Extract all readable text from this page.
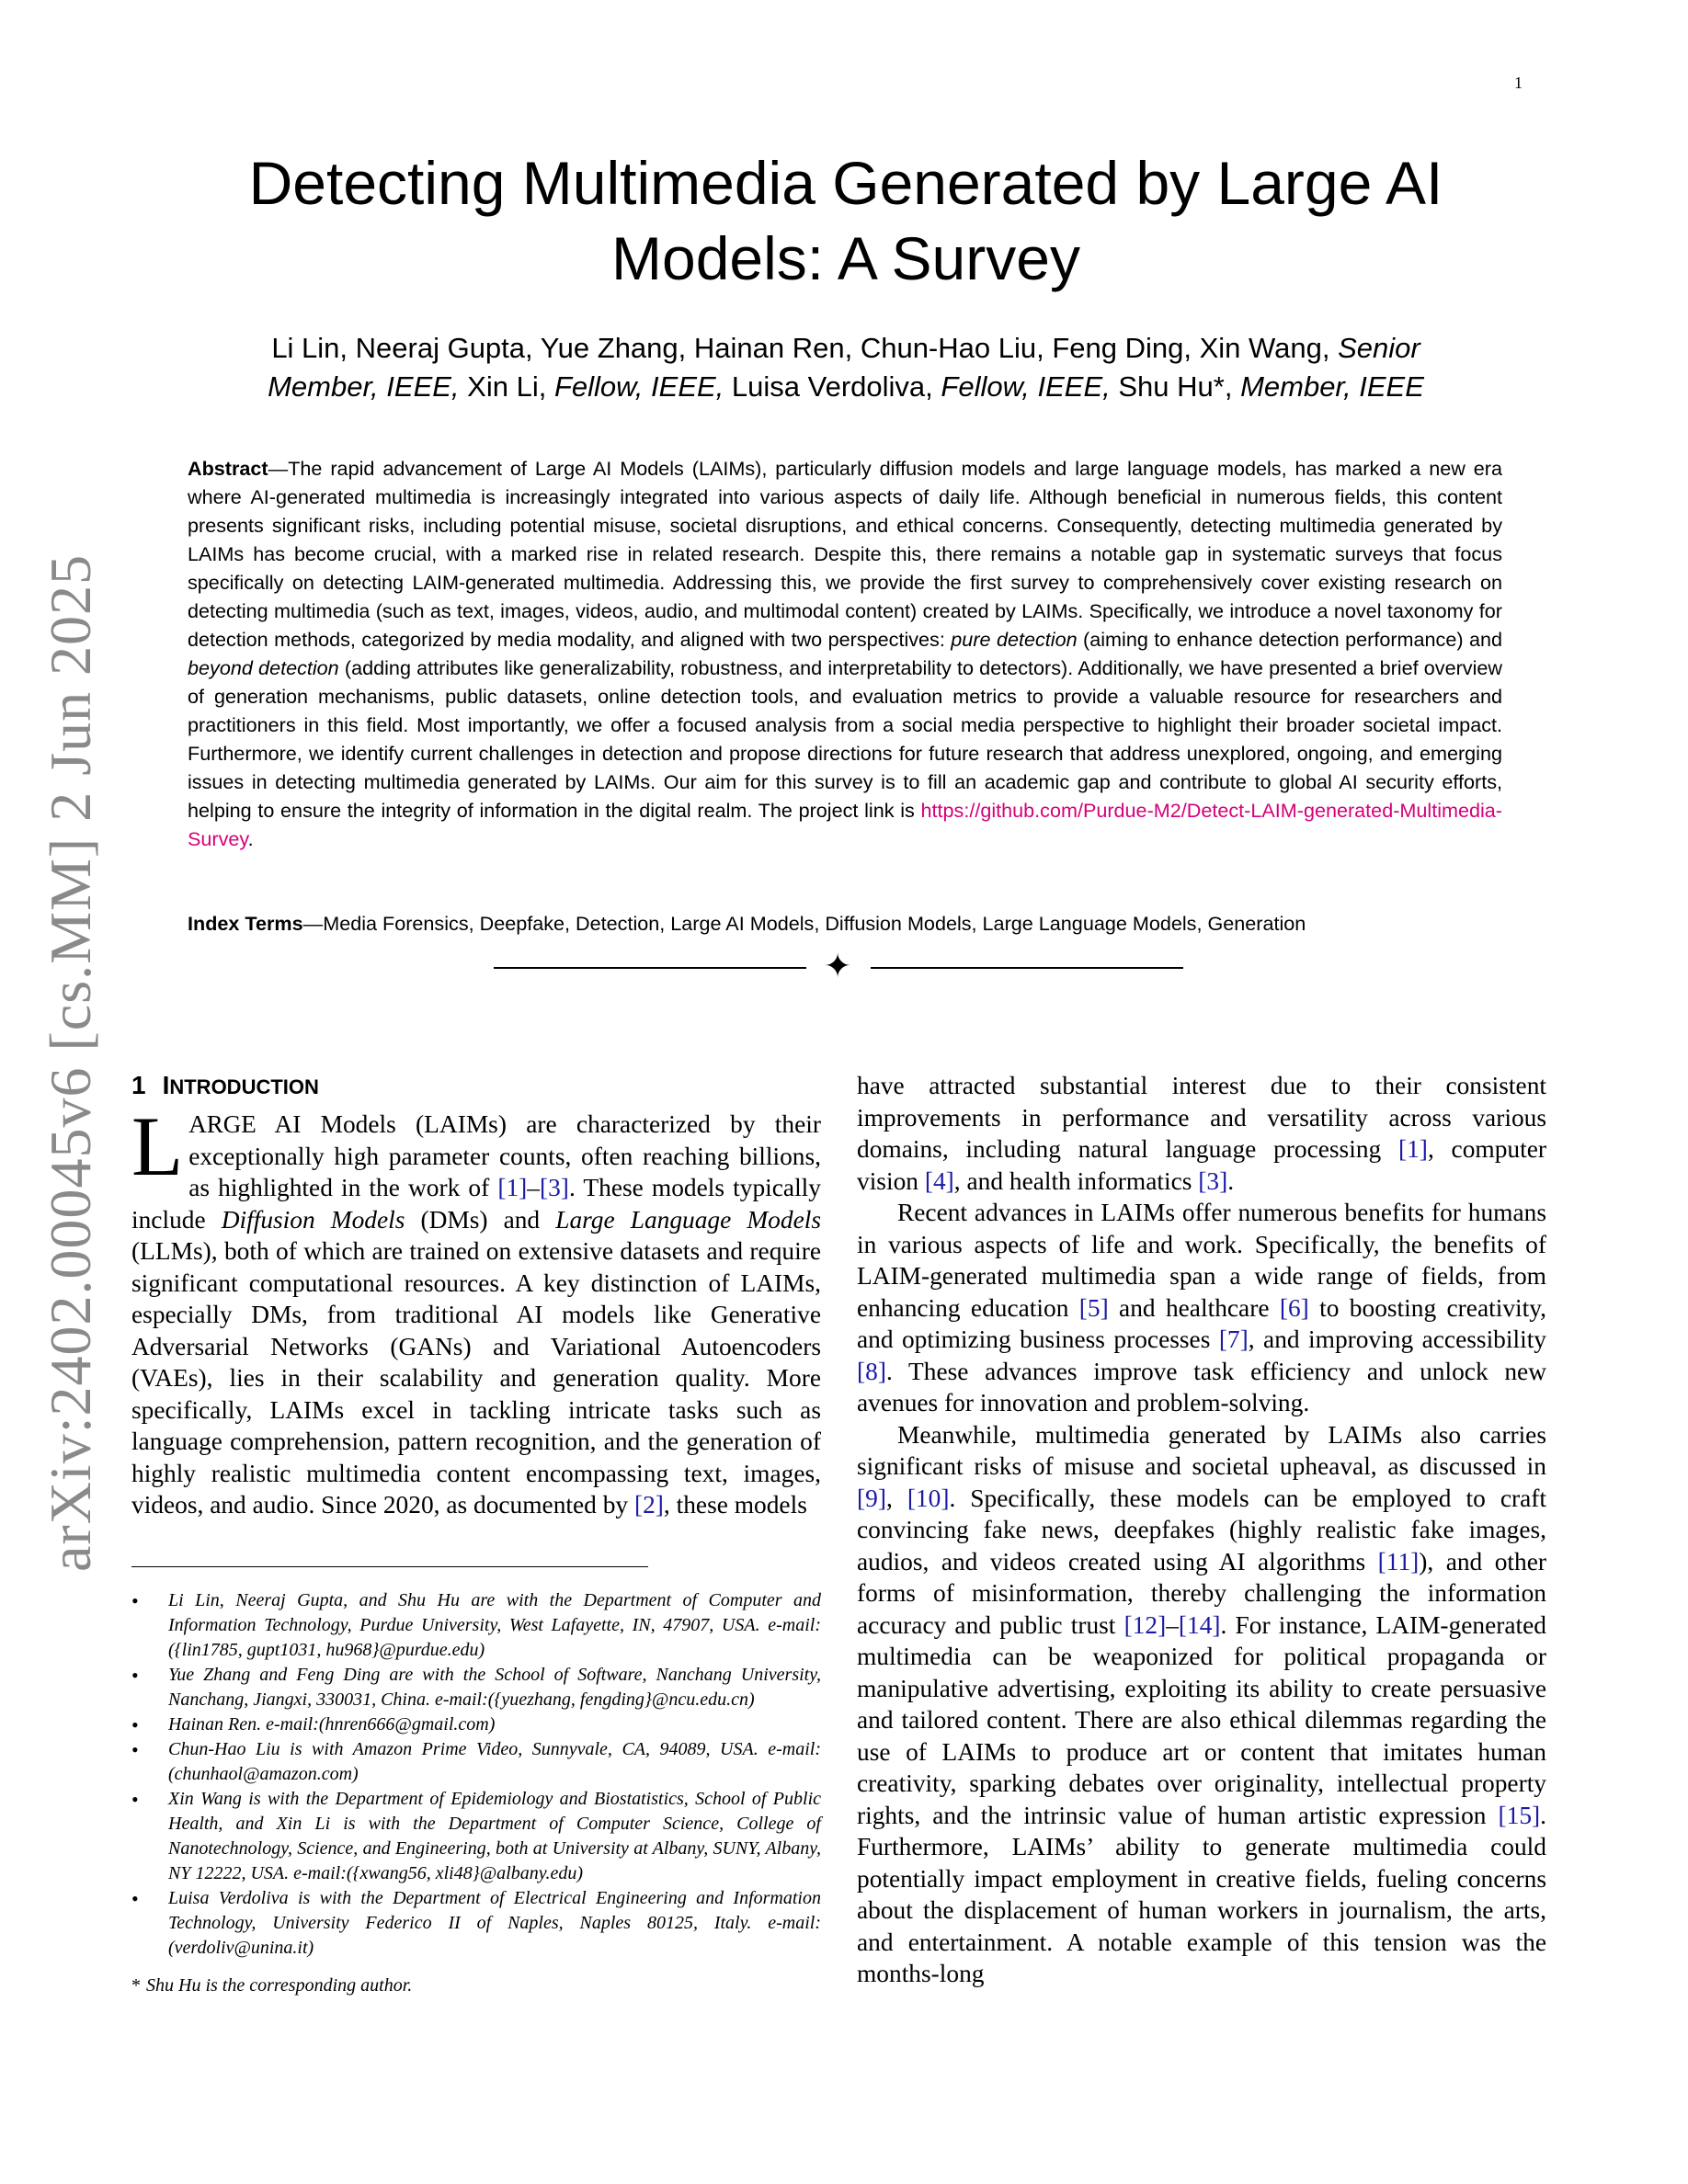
1
arXiv:2402.00045v6 [cs.MM] 2 Jun 2025
Detecting Multimedia Generated by Large AI
Models: A Survey
Li Lin, Neeraj Gupta, Yue Zhang, Hainan Ren, Chun-Hao Liu, Feng Ding, Xin Wang, Senior
Member, IEEE, Xin Li, Fellow, IEEE, Luisa Verdoliva, Fellow, IEEE, Shu Hu*, Member, IEEE
Abstract—The rapid advancement of Large AI Models (LAIMs), particularly diffusion models and large language models, has marked a new era where AI-generated multimedia is increasingly integrated into various aspects of daily life. Although beneficial in numerous fields, this content presents significant risks, including potential misuse, societal disruptions, and ethical concerns. Consequently, detecting multimedia generated by LAIMs has become crucial, with a marked rise in related research. Despite this, there remains a notable gap in systematic surveys that focus specifically on detecting LAIM-generated multimedia. Addressing this, we provide the first survey to comprehensively cover existing research on detecting multimedia (such as text, images, videos, audio, and multimodal content) created by LAIMs. Specifically, we introduce a novel taxonomy for detection methods, categorized by media modality, and aligned with two perspectives: pure detection (aiming to enhance detection performance) and beyond detection (adding attributes like generalizability, robustness, and interpretability to detectors). Additionally, we have presented a brief overview of generation mechanisms, public datasets, online detection tools, and evaluation metrics to provide a valuable resource for researchers and practitioners in this field. Most importantly, we offer a focused analysis from a social media perspective to highlight their broader societal impact. Furthermore, we identify current challenges in detection and propose directions for future research that address unexplored, ongoing, and emerging issues in detecting multimedia generated by LAIMs. Our aim for this survey is to fill an academic gap and contribute to global AI security efforts, helping to ensure the integrity of information in the digital realm. The project link is https://github.com/Purdue-M2/Detect-LAIM-generated-Multimedia-Survey.
Index Terms—Media Forensics, Deepfake, Detection, Large AI Models, Diffusion Models, Large Language Models, Generation
✦
1 INTRODUCTION

LARGE AI Models (LAIMs) are characterized by their exceptionally high parameter counts, often reaching billions, as highlighted in the work of [1]–[3]. These models typically include Diffusion Models (DMs) and Large Language Models (LLMs), both of which are trained on extensive datasets and require significant computational resources. A key distinction of LAIMs, especially DMs, from traditional AI models like Generative Adversarial Networks (GANs) and Variational Autoencoders (VAEs), lies in their scalability and generation quality. More specifically, LAIMs excel in tackling intricate tasks such as language comprehension, pattern recognition, and the generation of highly realistic multimedia content encompassing text, images, videos, and audio. Since 2020, as documented by [2], these models

• Li Lin, Neeraj Gupta, and Shu Hu are with the Department of Computer and Information Technology, Purdue University, West Lafayette, IN, 47907, USA. e-mail:({lin1785, gupt1031, hu968}@purdue.edu)
• Yue Zhang and Feng Ding are with the School of Software, Nanchang University, Nanchang, Jiangxi, 330031, China. e-mail:({yuezhang, fengding}@ncu.edu.cn)
• Hainan Ren. e-mail:(hnren666@gmail.com)
• Chun-Hao Liu is with Amazon Prime Video, Sunnyvale, CA, 94089, USA. e-mail:(chunhaol@amazon.com)
• Xin Wang is with the Department of Epidemiology and Biostatistics, School of Public Health, and Xin Li is with the Department of Computer Science, College of Nanotechnology, Science, and Engineering, both at University at Albany, SUNY, Albany, NY 12222, USA. e-mail:({xwang56, xli48}@albany.edu)
• Luisa Verdoliva is with the Department of Electrical Engineering and Information Technology, University Federico II of Naples, Naples 80125, Italy. e-mail:(verdoliv@unina.it)
* Shu Hu is the corresponding author.

have attracted substantial interest due to their consistent improvements in performance and versatility across various domains, including natural language processing [1], computer vision [4], and health informatics [3].

Recent advances in LAIMs offer numerous benefits for humans in various aspects of life and work. Specifically, the benefits of LAIM-generated multimedia span a wide range of fields, from enhancing education [5] and healthcare [6] to boosting creativity, and optimizing business processes [7], and improving accessibility [8]. These advances improve task efficiency and unlock new avenues for innovation and problem-solving.

Meanwhile, multimedia generated by LAIMs also carries significant risks of misuse and societal upheaval, as discussed in [9], [10]. Specifically, these models can be employed to craft convincing fake news, deepfakes (highly realistic fake images, audios, and videos created using AI algorithms [11]), and other forms of misinformation, thereby challenging the information accuracy and public trust [12]–[14]. For instance, LAIM-generated multimedia can be weaponized for political propaganda or manipulative advertising, exploiting its ability to create persuasive and tailored content. There are also ethical dilemmas regarding the use of LAIMs to produce art or content that imitates human creativity, sparking debates over originality, intellectual property rights, and the intrinsic value of human artistic expression [15]. Furthermore, LAIMs’ ability to generate multimedia could potentially impact employment in creative fields, fueling concerns about the displacement of human workers in journalism, the arts, and entertainment. A notable example of this tension was the months-long
